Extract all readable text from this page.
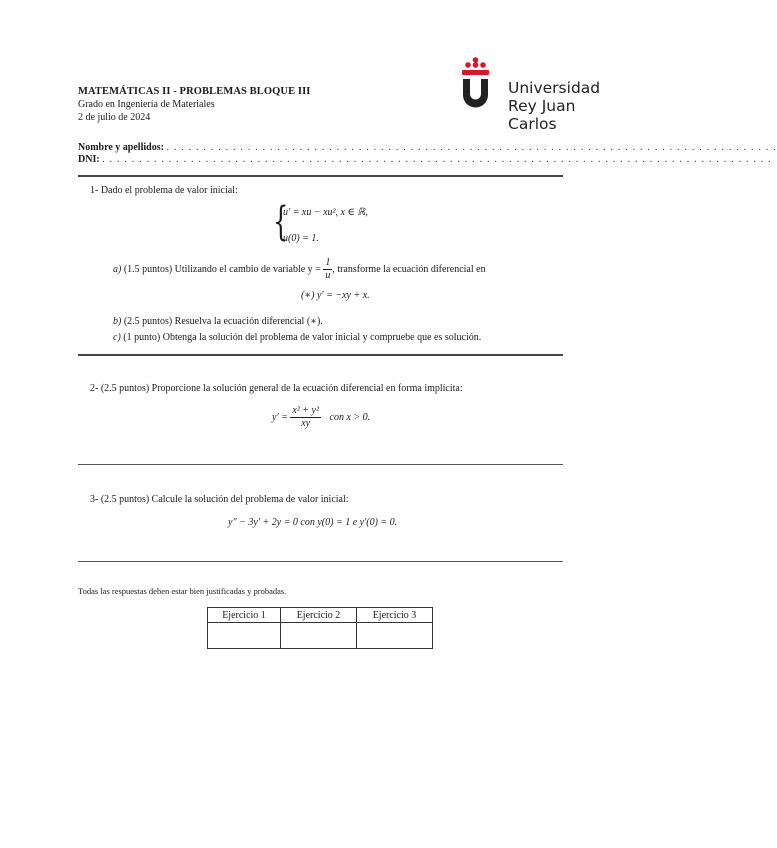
MATEMÁTICAS II - PROBLEMAS BLOQUE III
Grado en Ingeniería de Materiales
2 de julio de 2024
Universidad
Rey Juan Carlos
Nombre y apellidos: . . . . . . . . . . . . . . . . . . . . . . . . . . . . . . . . . . . . . . . . . . . . . . . . . . . . . . . . . . . . . . . . . . . . . . . . . . . . . . . . . . .
DNI: . . . . . . . . . . . . . . . . . . . . . . . . . . . . . . . . . . . . . . . . . . . . . . . . . . . . . . . . . . . . . . . . . . . . . . . . . . . . . . . . . . . . . . . . . . .
1- Dado el problema de valor inicial:
{
u′ = xu − xu², x ∈ ℝ,
u(0) = 1.
a) (1.5 puntos) Utilizando el cambio de variable $y = \frac{1}{u}$ , transforme la ecuación diferencial en
(∗) y′ = −xy + x.
b) (2.5 puntos) Resuelva la ecuación diferencial (∗).
c) (1 punto) Obtenga la solución del problema de valor inicial y compruebe que es solución.
2- (2.5 puntos) Proporcione la solución general de la ecuación diferencial en forma implícita:
$y' = \frac{\text{x² + y²}}{xy}$ con x > 0.
3- (2.5 puntos) Calcule la solución del problema de valor inicial:
y″ − 3y′ + 2y = 0 con y(0) = 1 e y′(0) = 0.
Todas las respuestas deben estar bien justificadas y probadas.
Ejercicio 1	Ejercicio 2	Ejercicio 3
